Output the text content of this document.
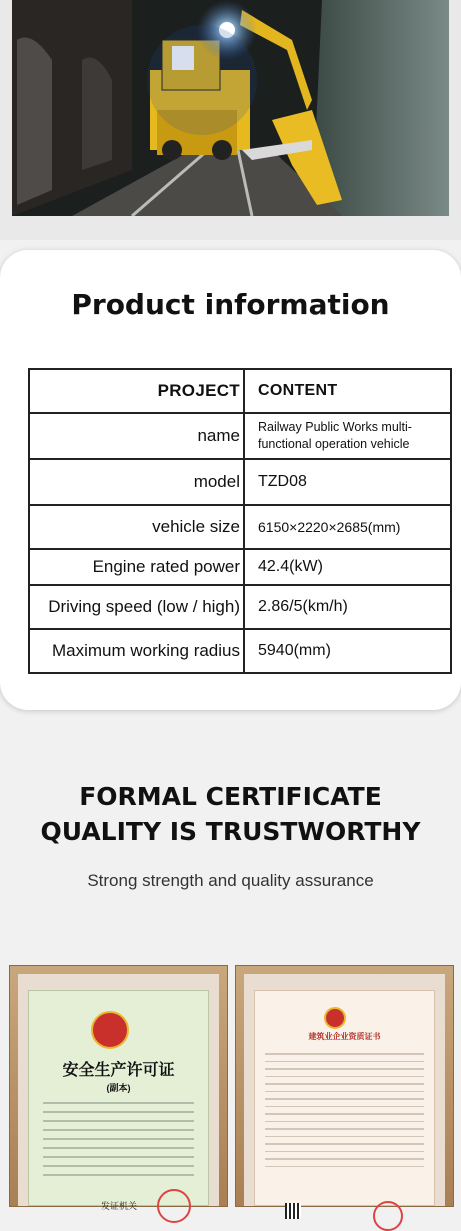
Product information
PROJECT	CONTENT
name	Railway Public Works multi-functional operation vehicle
model	TZD08
vehicle size	6150×2220×2685(mm)
Engine rated power	42.4(kW)
Driving speed (low / high)	2.86/5(km/h)
Maximum working radius	5940(mm)
FORMAL CERTIFICATE
QUALITY IS TRUSTWORTHY

Strong strength and quality assurance

安全生产许可证

(副本)

发证机关

建筑业企业资质证书
